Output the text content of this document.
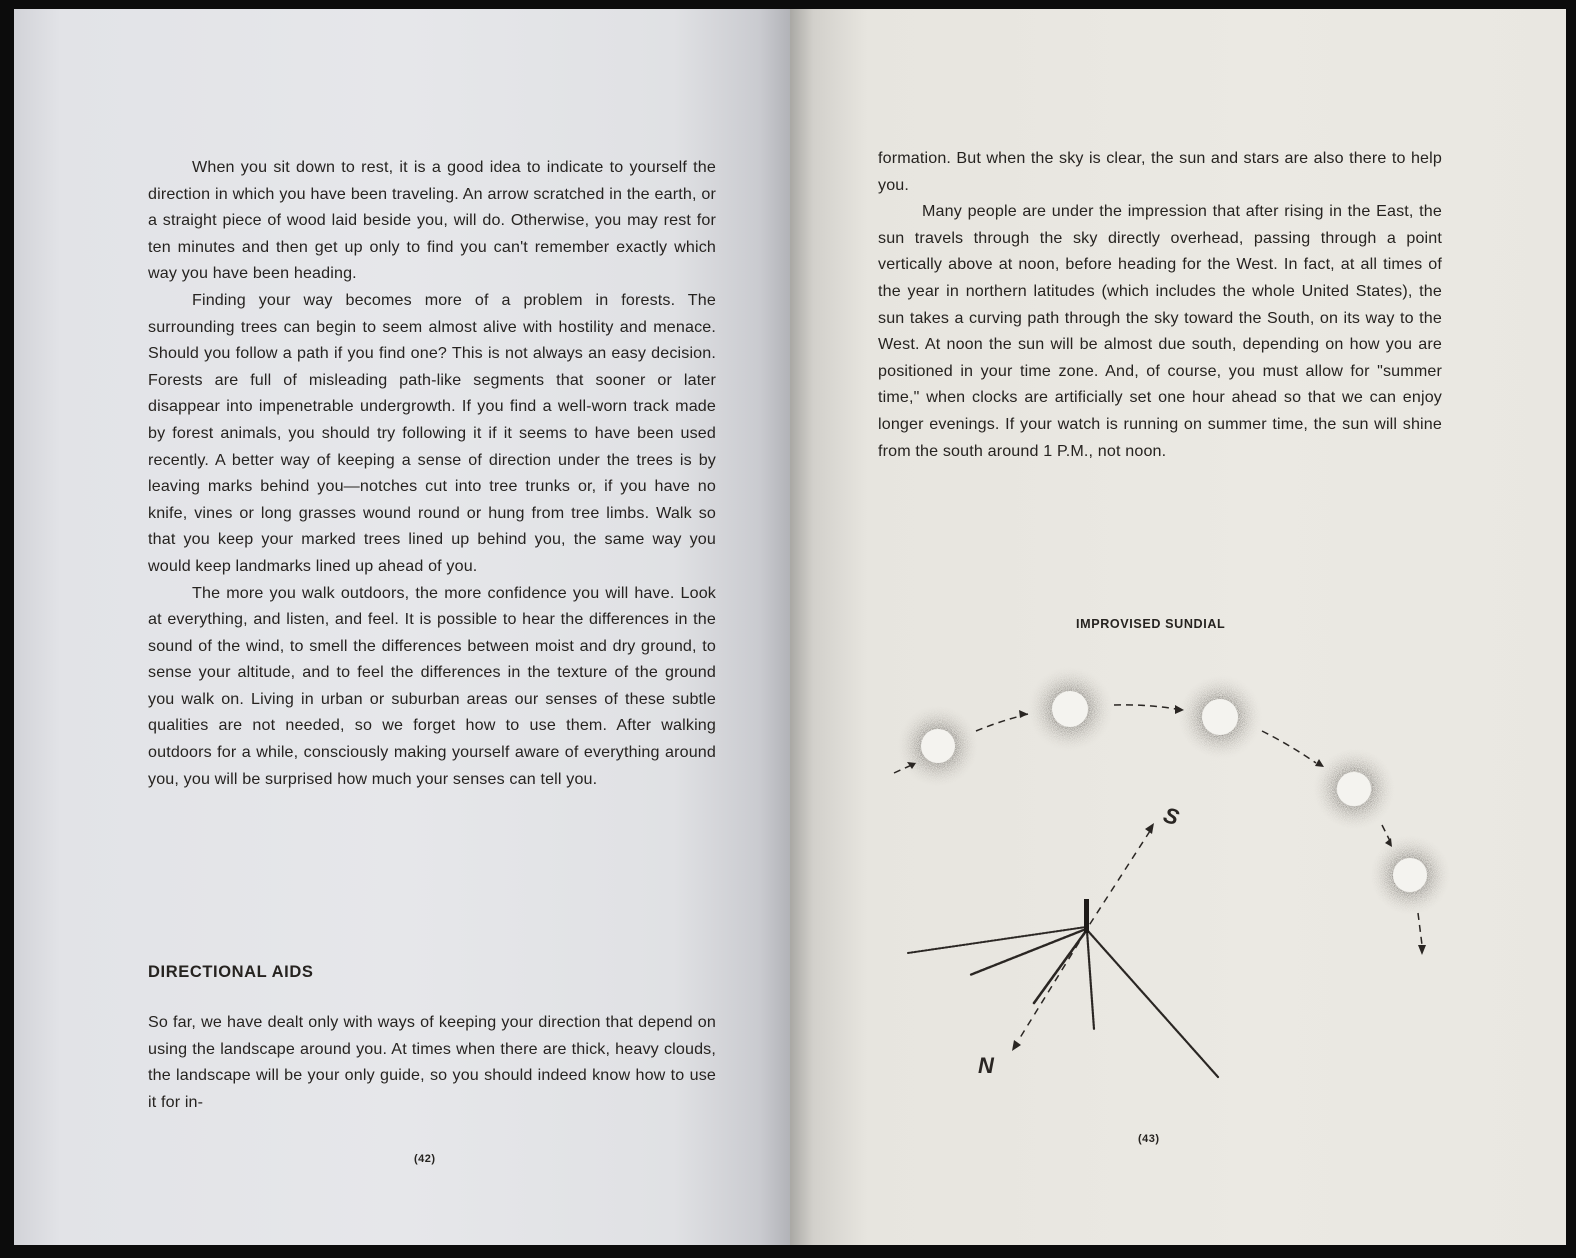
When you sit down to rest, it is a good idea to indicate to yourself the direction in which you have been traveling. An arrow scratched in the earth, or a straight piece of wood laid beside you, will do. Otherwise, you may rest for ten minutes and then get up only to find you can't remember exactly which way you have been heading.

Finding your way becomes more of a problem in forests. The surrounding trees can begin to seem almost alive with hostility and menace. Should you follow a path if you find one? This is not always an easy decision. Forests are full of misleading path-like segments that sooner or later disappear into impenetrable undergrowth. If you find a well-worn track made by forest animals, you should try following it if it seems to have been used recently. A better way of keeping a sense of direction under the trees is by leaving marks behind you—notches cut into tree trunks or, if you have no knife, vines or long grasses wound round or hung from tree limbs. Walk so that you keep your marked trees lined up behind you, the same way you would keep landmarks lined up ahead of you.

The more you walk outdoors, the more confidence you will have. Look at everything, and listen, and feel. It is possible to hear the differences in the sound of the wind, to smell the differences between moist and dry ground, to sense your altitude, and to feel the differences in the texture of the ground you walk on. Living in urban or suburban areas our senses of these subtle qualities are not needed, so we forget how to use them. After walking outdoors for a while, consciously making yourself aware of everything around you, you will be surprised how much your senses can tell you.

DIRECTIONAL AIDS

So far, we have dealt only with ways of keeping your direction that depend on using the landscape around you. At times when there are thick, heavy clouds, the landscape will be your only guide, so you should indeed know how to use it for in-

(42)

formation. But when the sky is clear, the sun and stars are also there to help you.

Many people are under the impression that after rising in the East, the sun travels through the sky directly overhead, passing through a point vertically above at noon, before heading for the West. In fact, at all times of the year in northern latitudes (which includes the whole United States), the sun takes a curving path through the sky toward the South, on its way to the West. At noon the sun will be almost due south, depending on how you are positioned in your time zone. And, of course, you must allow for "summer time," when clocks are artificially set one hour ahead so that we can enjoy longer evenings. If your watch is running on summer time, the sun will shine from the south around 1 P.M., not noon.

IMPROVISED SUNDIAL
S
N
(43)
